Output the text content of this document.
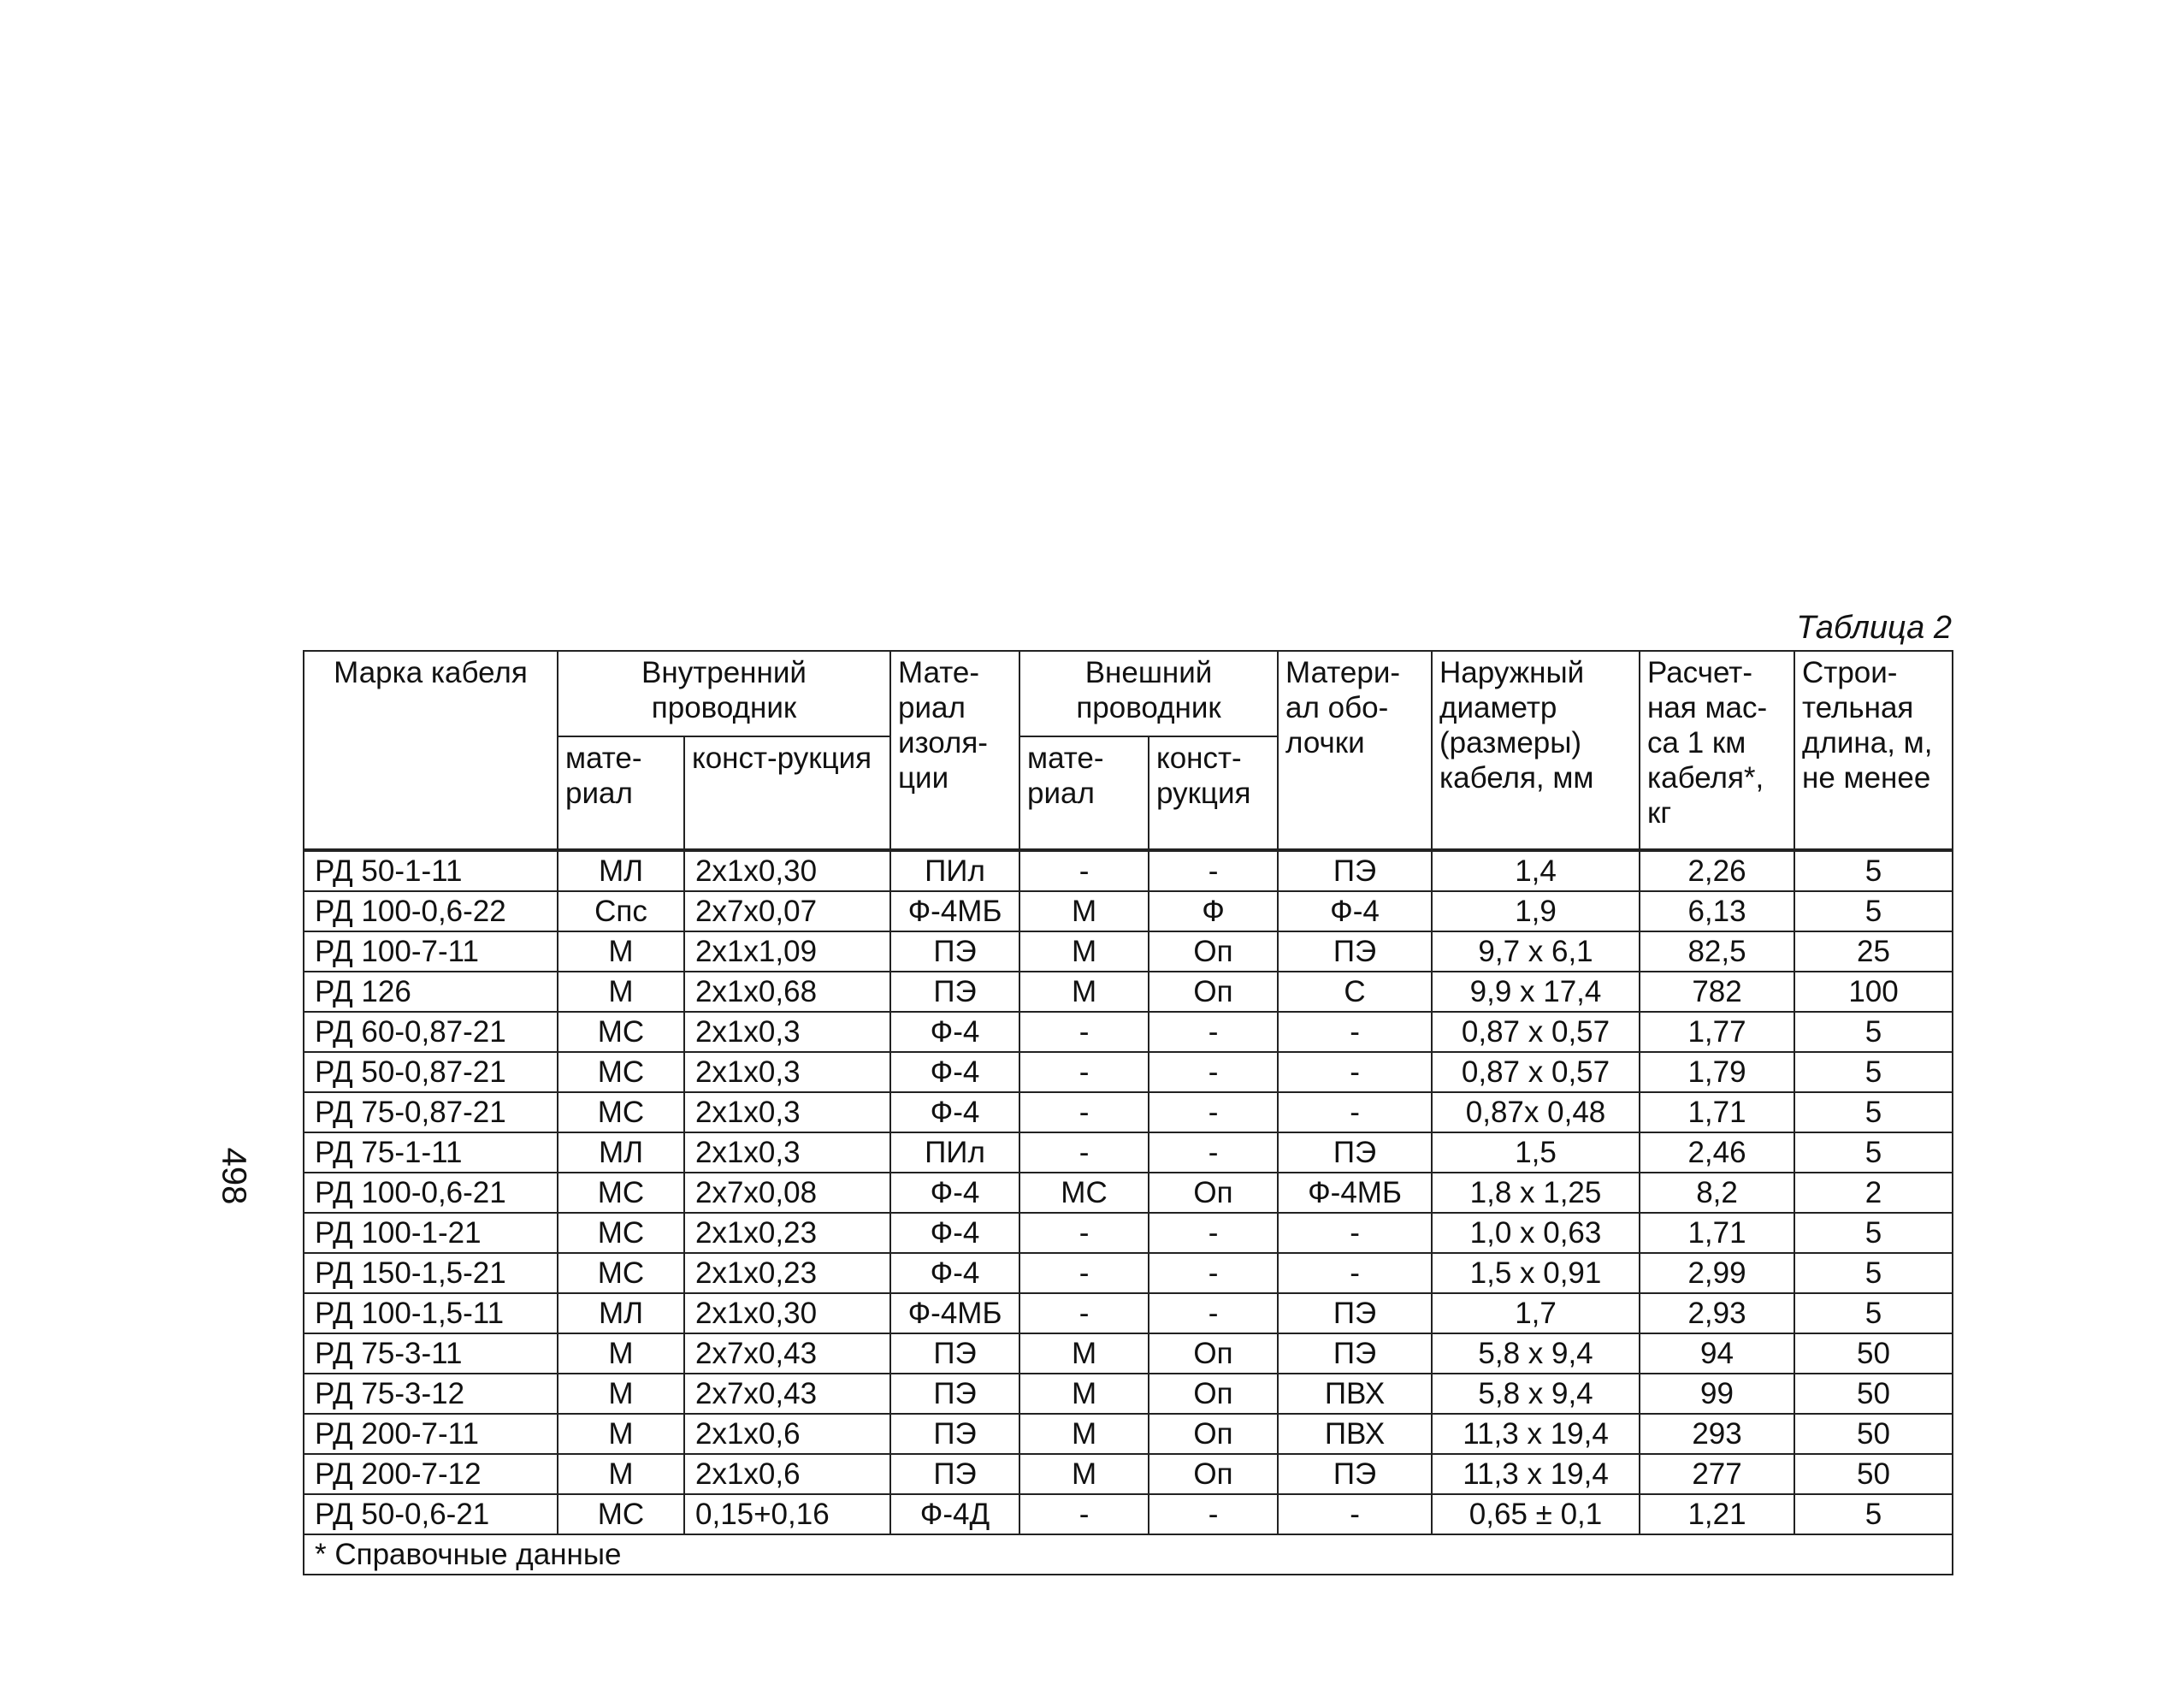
498
Таблица 2
Марка кабеля	Внутренний проводник		Мате-риал изоля-ции	Внешний проводник		Матери-ал обо-лочки	Наружный диаметр (размеры) кабеля, мм	Расчет-ная мас-са 1 км кабеля*, кг	Строи-тельная длина, м, не менее
	мате-риал	конст-рукция		мате-риал	конст-рукция				
РД 50-1-11	МЛ	2x1x0,30	ПИл	-	-	ПЭ	1,4	2,26	5
РД 100-0,6-22	Спс	2x7x0,07	Ф-4МБ	М	Ф	Ф-4	1,9	6,13	5
РД 100-7-11	М	2x1x1,09	ПЭ	М	Оп	ПЭ	9,7 x 6,1	82,5	25
РД 126	М	2x1x0,68	ПЭ	М	Оп	С	9,9 x 17,4	782	100
РД 60-0,87-21	МС	2x1x0,3	Ф-4	-	-	-	0,87 x 0,57	1,77	5
РД 50-0,87-21	МС	2x1x0,3	Ф-4	-	-	-	0,87 x 0,57	1,79	5
РД 75-0,87-21	МС	2x1x0,3	Ф-4	-	-	-	0,87x 0,48	1,71	5
РД 75-1-11	МЛ	2x1x0,3	ПИл	-	-	ПЭ	1,5	2,46	5
РД 100-0,6-21	МС	2x7x0,08	Ф-4	МС	Оп	Ф-4МБ	1,8 x 1,25	8,2	2
РД 100-1-21	МС	2x1x0,23	Ф-4	-	-	-	1,0 x 0,63	1,71	5
РД 150-1,5-21	МС	2x1x0,23	Ф-4	-	-	-	1,5 x 0,91	2,99	5
РД 100-1,5-11	МЛ	2x1x0,30	Ф-4МБ	-	-	ПЭ	1,7	2,93	5
РД 75-3-11	М	2x7x0,43	ПЭ	М	Оп	ПЭ	5,8 x 9,4	94	50
РД 75-3-12	М	2x7x0,43	ПЭ	М	Оп	ПВХ	5,8 x 9,4	99	50
РД 200-7-11	М	2x1x0,6	ПЭ	М	Оп	ПВХ	11,3 x 19,4	293	50
РД 200-7-12	М	2x1x0,6	ПЭ	М	Оп	ПЭ	11,3 x 19,4	277	50
РД 50-0,6-21	МС	0,15+0,16	Ф-4Д	-	-	-	0,65 ± 0,1	1,21	5
* Справочные данные									
